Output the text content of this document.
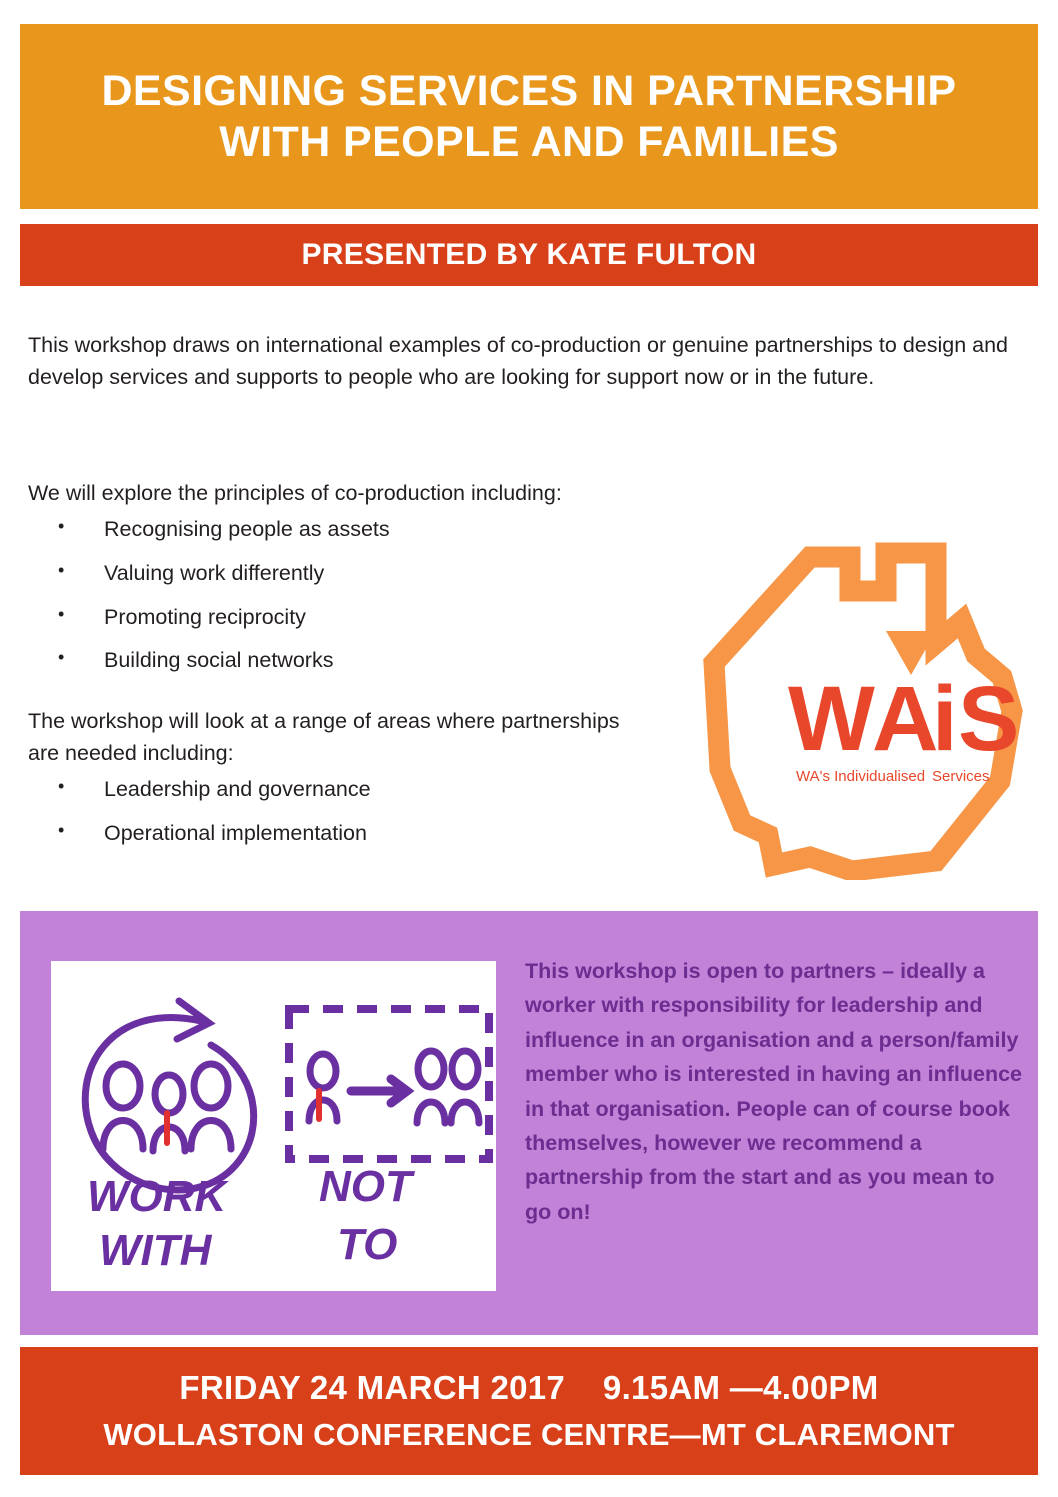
DESIGNING SERVICES IN PARTNERSHIP WITH PEOPLE AND FAMILIES
PRESENTED BY KATE FULTON

This workshop draws on international examples of co-production or genuine partnerships to design and develop services and supports to people who are looking for support now or in the future.

We will explore the principles of co-production including:

• Recognising people as assets
• Valuing work differently
• Promoting reciprocity
• Building social networks

The workshop will look at a range of areas where partnerships are needed including:

• Leadership and governance
• Operational implementation
W
A
i S
WA's Individualised Services
WORK
WITH
NOT
TO
This workshop is open to partners – ideally a worker with responsibility for leadership and influence in an organisation and a person/family member who is interested in having an influence in that organisation. People can of course book themselves, however we recommend a partnership from the start and as you mean to go on!
FRIDAY 24 MARCH 2017    9.15AM —4.00PM
WOLLASTON CONFERENCE CENTRE—MT CLAREMONT
